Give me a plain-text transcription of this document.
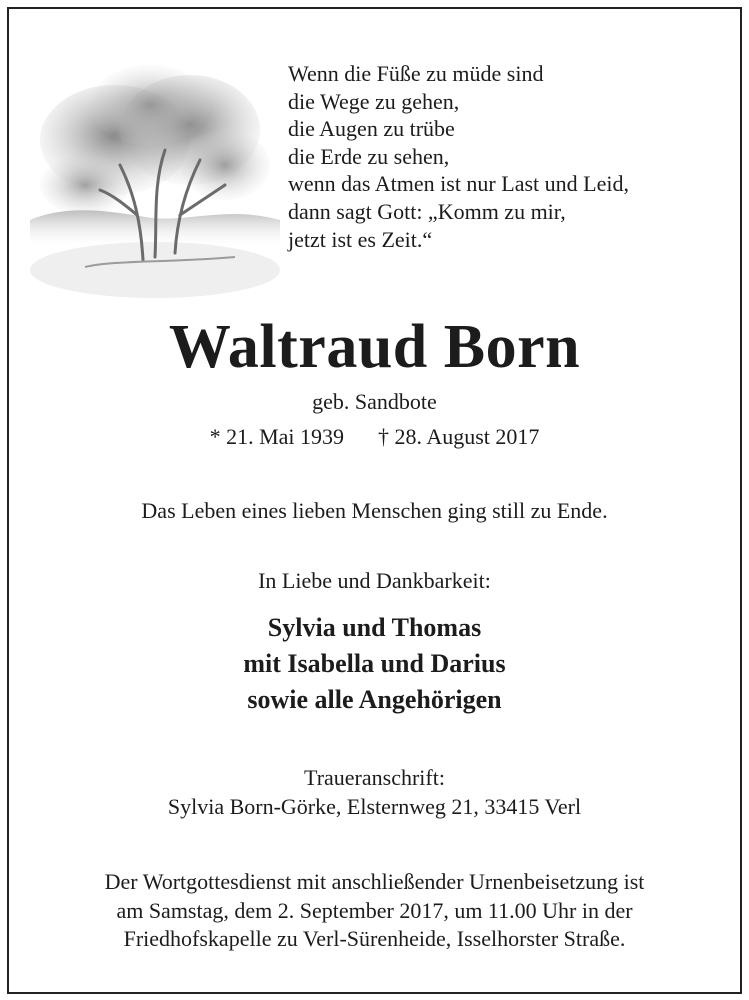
Wenn die Füße zu müde sind
die Wege zu gehen,
die Augen zu trübe
die Erde zu sehen,
wenn das Atmen ist nur Last und Leid,
dann sagt Gott: „Komm zu mir,
jetzt ist es Zeit.“
Waltraud Born
geb. Sandbote
* 21. Mai 1939 † 28. August 2017
Das Leben eines lieben Menschen ging still zu Ende.
In Liebe und Dankbarkeit:
Sylvia und Thomas
mit Isabella und Darius
sowie alle Angehörigen
Traueranschrift:
Sylvia Born-Görke, Elsternweg 21, 33415 Verl
Der Wortgottesdienst mit anschließender Urnenbeisetzung ist
am Samstag, dem 2. September 2017, um 11.00 Uhr in der
Friedhofskapelle zu Verl-Sürenheide, Isselhorster Straße.
